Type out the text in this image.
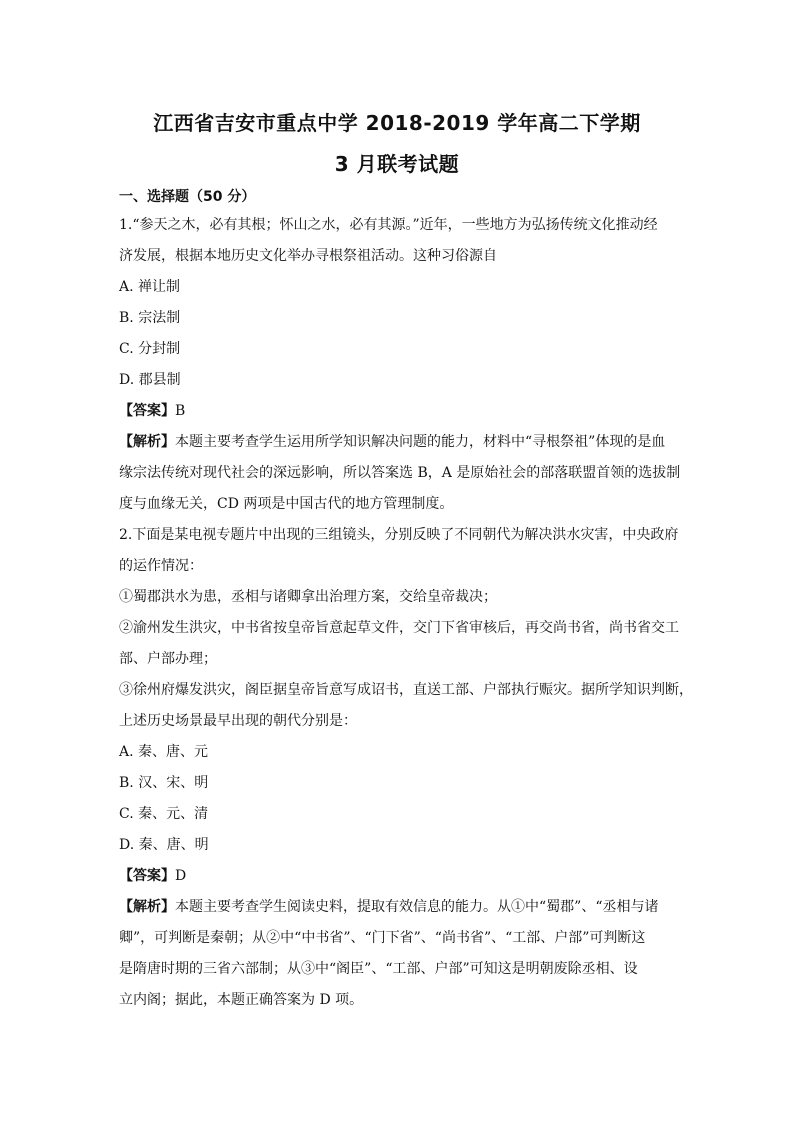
江西省吉安市重点中学 2018-2019 学年高二下学期
3 月联考试题
一、选择题（50 分）
1.“参天之木，必有其根；怀山之水，必有其源。”近年，一些地方为弘扬传统文化推动经
济发展，根据本地历史文化举办寻根祭祖活动。这种习俗源自
A. 禅让制
B. 宗法制
C. 分封制
D. 郡县制
【答案】B
【解析】本题主要考查学生运用所学知识解决问题的能力，材料中“寻根祭祖”体现的是血
缘宗法传统对现代社会的深远影响，所以答案选 B，A 是原始社会的部落联盟首领的选拔制
度与血缘无关，CD 两项是中国古代的地方管理制度。
2.下面是某电视专题片中出现的三组镜头，分别反映了不同朝代为解决洪水灾害，中央政府
的运作情况：
①蜀郡洪水为患，丞相与诸卿拿出治理方案，交给皇帝裁决；
②渝州发生洪灾，中书省按皇帝旨意起草文件，交门下省审核后，再交尚书省，尚书省交工
部、户部办理；
③徐州府爆发洪灾，阁臣据皇帝旨意写成诏书，直送工部、户部执行赈灾。据所学知识判断，
上述历史场景最早出现的朝代分别是：
A. 秦、唐、元
B. 汉、宋、明
C. 秦、元、清
D. 秦、唐、明
【答案】D
【解析】本题主要考查学生阅读史料，提取有效信息的能力。从①中“蜀郡”、“丞相与诸
卿”，可判断是秦朝；从②中“中书省”、“门下省”、“尚书省”、“工部、户部”可判断这
是隋唐时期的三省六部制；从③中“阁臣”、“工部、户部”可知这是明朝废除丞相、设
立内阁；据此，本题正确答案为 D 项。
